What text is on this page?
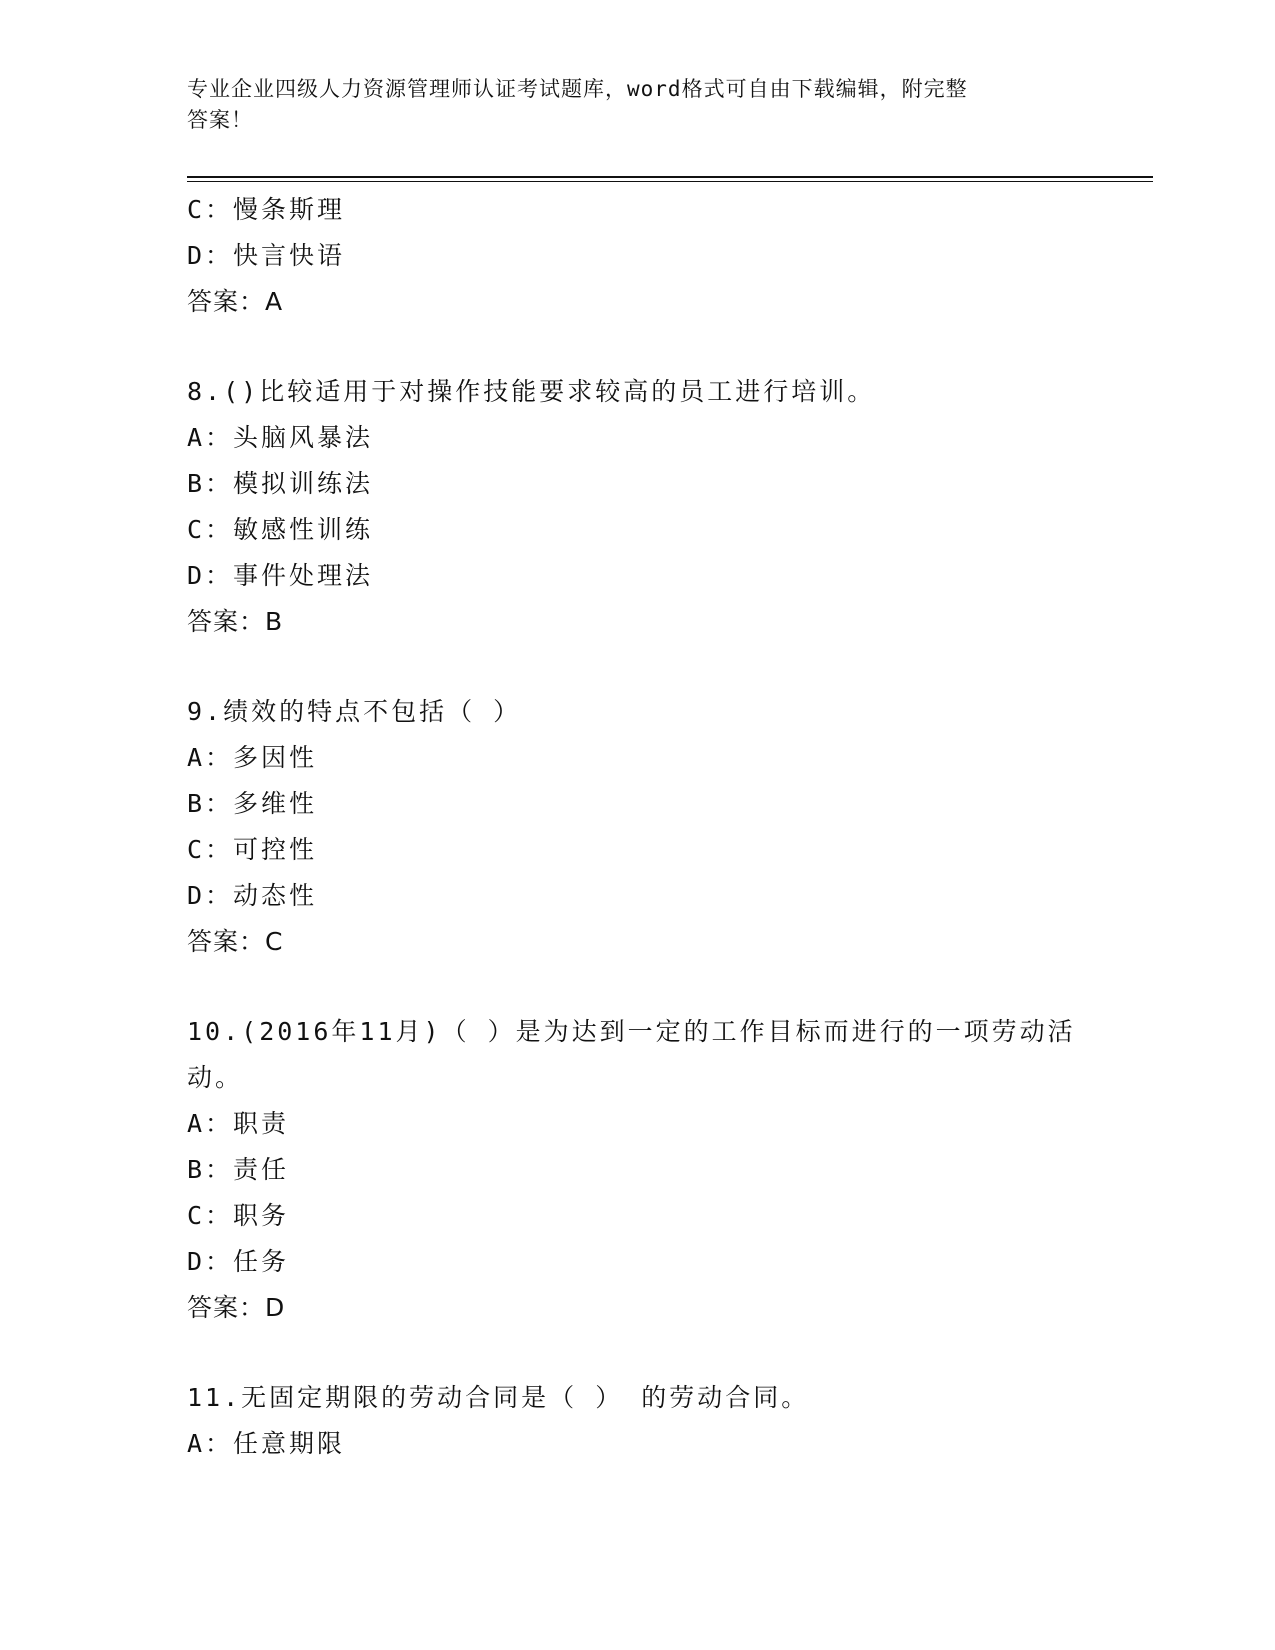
专业企业四级人力资源管理师认证考试题库，word格式可自由下载编辑，附完整
答案！
C：慢条斯理
D：快言快语
答案：A
8.()比较适用于对操作技能要求较高的员工进行培训。
A：头脑风暴法
B：模拟训练法
C：敏感性训练
D：事件处理法
答案：B
9.绩效的特点不包括（ ）
A：多因性
B：多维性
C：可控性
D：动态性
答案：C
10.(2016年11月)（ ）是为达到一定的工作目标而进行的一项劳动活动。
A：职责
B：责任
C：职务
D：任务
答案：D
11.无固定期限的劳动合同是（ ） 的劳动合同。
A：任意期限
